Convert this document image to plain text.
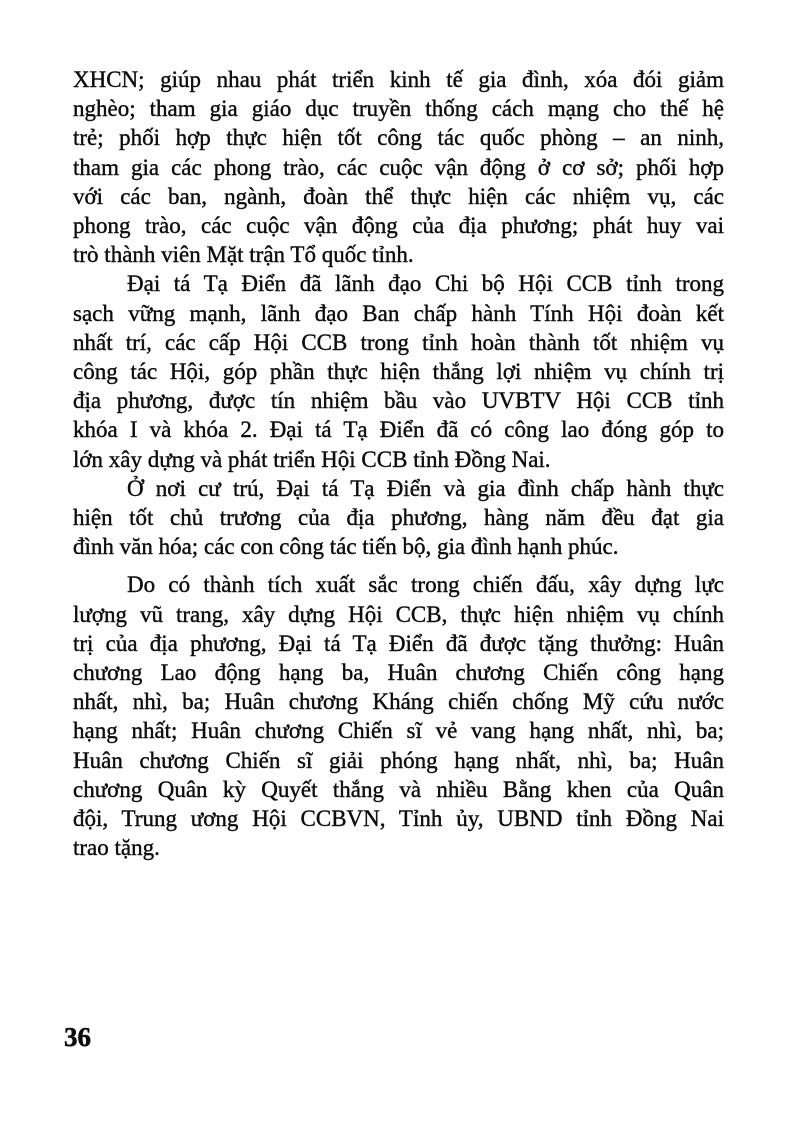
XHCN; giúp nhau phát triển kinh tế gia đình, xóa đói giảm
nghèo; tham gia giáo dục truyền thống cách mạng cho thế hệ
trẻ; phối hợp thực hiện tốt công tác quốc phòng – an ninh,
tham gia các phong trào, các cuộc vận động ở cơ sở; phối hợp
với các ban, ngành, đoàn thể thực hiện các nhiệm vụ, các
phong trào, các cuộc vận động của địa phương; phát huy vai
trò thành viên Mặt trận Tổ quốc tỉnh.

Đại tá Tạ Điển đã lãnh đạo Chi bộ Hội CCB tỉnh trong
sạch vững mạnh, lãnh đạo Ban chấp hành Tính Hội đoàn kết
nhất trí, các cấp Hội CCB trong tỉnh hoàn thành tốt nhiệm vụ
công tác Hội, góp phần thực hiện thắng lợi nhiệm vụ chính trị
địa phương, được tín nhiệm bầu vào UVBTV Hội CCB tỉnh
khóa I và khóa 2. Đại tá Tạ Điển đã có công lao đóng góp to
lớn xây dựng và phát triển Hội CCB tỉnh Đồng Nai.

Ở nơi cư trú, Đại tá Tạ Điển và gia đình chấp hành thực
hiện tốt chủ trương của địa phương, hàng năm đều đạt gia
đình văn hóa; các con công tác tiến bộ, gia đình hạnh phúc.

Do có thành tích xuất sắc trong chiến đấu, xây dựng lực
lượng vũ trang, xây dựng Hội CCB, thực hiện nhiệm vụ chính
trị của địa phương, Đại tá Tạ Điển đã được tặng thưởng: Huân
chương Lao động hạng ba, Huân chương Chiến công hạng
nhất, nhì, ba; Huân chương Kháng chiến chống Mỹ cứu nước
hạng nhất; Huân chương Chiến sĩ vẻ vang hạng nhất, nhì, ba;
Huân chương Chiến sĩ giải phóng hạng nhất, nhì, ba; Huân
chương Quân kỳ Quyết thắng và nhiều Bằng khen của Quân
đội, Trung ương Hội CCBVN, Tỉnh ủy, UBND tỉnh Đồng Nai
trao tặng.

36
